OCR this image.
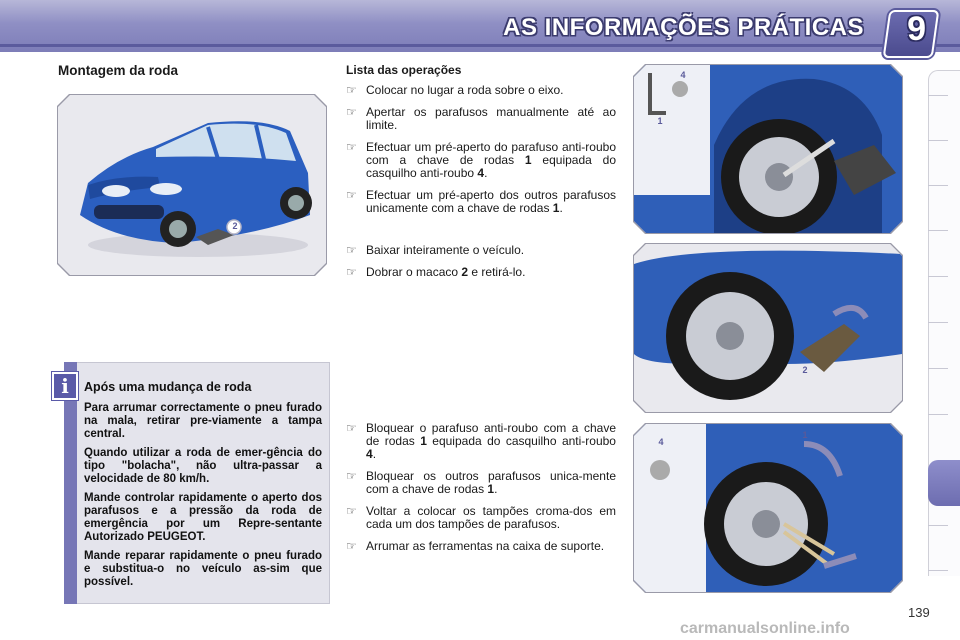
AS INFORMAÇÕES PRÁTICAS 9
Montagem da roda
2
i	Após uma mudança de roda
Para arrumar correctamente o pneu furado na mala, retirar pre-viamente a tampa central.
Quando utilizar a roda de emer-gência do tipo "bolacha", não ultra-passar a velocidade de 80 km/h.
Mande controlar rapidamente o aperto dos parafusos e a pressão da roda de emergência por um Repre-sentante Autorizado PEUGEOT.
Mande reparar rapidamente o pneu furado e substitua-o no veículo as-sim que possível.
Lista das operações
☞ Colocar no lugar a roda sobre o eixo.
☞ Apertar os parafusos manualmente até ao limite.
☞ Efectuar um pré-aperto do parafuso anti-roubo com a chave de rodas 1 equipada do casquilho anti-roubo 4.
☞ Efectuar um pré-aperto dos outros parafusos unicamente com a chave de rodas 1.
☞ Baixar inteiramente o veículo.
☞ Dobrar o macaco 2 e retirá-lo.
☞ Bloquear o parafuso anti-roubo com a chave de rodas 1 equipada do casquilho anti-roubo 4.
☞ Bloquear os outros parafusos unica-mente com a chave de rodas 1.
☞ Voltar a colocar os tampões croma-dos em cada um dos tampões de parafusos.
☞ Arrumar as ferramentas na caixa de suporte.
4
1
2
4
1
139
carmanualsonline.info
